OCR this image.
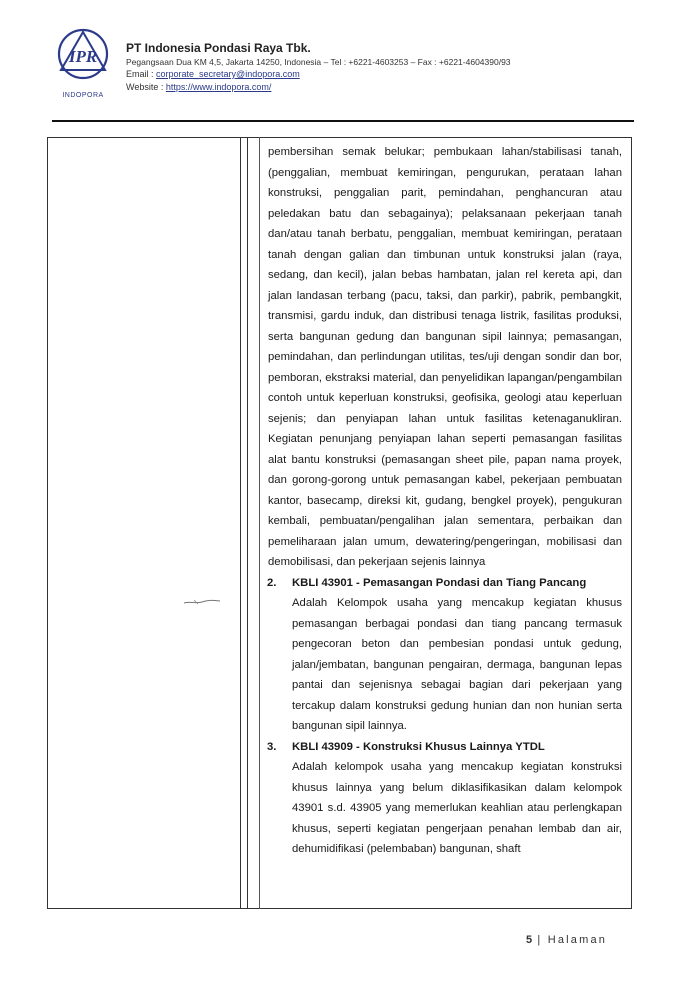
IPR
INDOPORA
PT Indonesia Pondasi Raya Tbk.
Pegangsaan Dua KM 4,5, Jakarta 14250, Indonesia – Tel : +6221-4603253 – Fax : +6221-4604390/93
Email : corporate_secretary@indopora.com
Website : https://www.indopora.com/

pembersihan semak belukar; pembukaan lahan/stabilisasi tanah, (penggalian, membuat kemiringan, pengurukan, perataan lahan konstruksi, penggalian parit, pemindahan, penghancuran atau peledakan batu dan sebagainya); pelaksanaan pekerjaan tanah dan/atau tanah berbatu, penggalian, membuat kemiringan, perataan tanah dengan galian dan timbunan untuk konstruksi jalan (raya, sedang, dan kecil), jalan bebas hambatan, jalan rel kereta api, dan jalan landasan terbang (pacu, taksi, dan parkir), pabrik, pembangkit, transmisi, gardu induk, dan distribusi tenaga listrik, fasilitas produksi, serta bangunan gedung dan bangunan sipil lainnya; pemasangan, pemindahan, dan perlindungan utilitas, tes/uji dengan sondir dan bor, pemboran, ekstraksi material, dan penyelidikan lapangan/pengambilan contoh untuk keperluan konstruksi, geofisika, geologi atau keperluan sejenis; dan penyiapan lahan untuk fasilitas ketenaganukliran. Kegiatan penunjang penyiapan lahan seperti pemasangan fasilitas alat bantu konstruksi (pemasangan sheet pile, papan nama proyek, dan gorong-gorong untuk pemasangan kabel, pekerjaan pembuatan kantor, basecamp, direksi kit, gudang, bengkel proyek), pengukuran kembali, pembuatan/pengalihan jalan sementara, perbaikan dan pemeliharaan jalan umum, dewatering/pengeringan, mobilisasi dan demobilisasi, dan pekerjaan sejenis lainnya

2.	KBLI 43901 - Pemasangan Pondasi dan Tiang Pancang

Adalah Kelompok usaha yang mencakup kegiatan khusus pemasangan berbagai pondasi dan tiang pancang termasuk pengecoran beton dan pembesian pondasi untuk gedung, jalan/jembatan, bangunan pengairan, dermaga, bangunan lepas pantai dan sejenisnya sebagai bagian dari pekerjaan yang tercakup dalam konstruksi gedung hunian dan non hunian serta bangunan sipil lainnya.

3.	KBLI 43909 - Konstruksi Khusus Lainnya YTDL

Adalah kelompok usaha yang mencakup kegiatan konstruksi khusus lainnya yang belum diklasifikasikan dalam kelompok 43901 s.d. 43905 yang memerlukan keahlian atau perlengkapan khusus, seperti kegiatan pengerjaan penahan lembab dan air, dehumidifikasi (pelembaban) bangunan, shaft

5 | Halaman
